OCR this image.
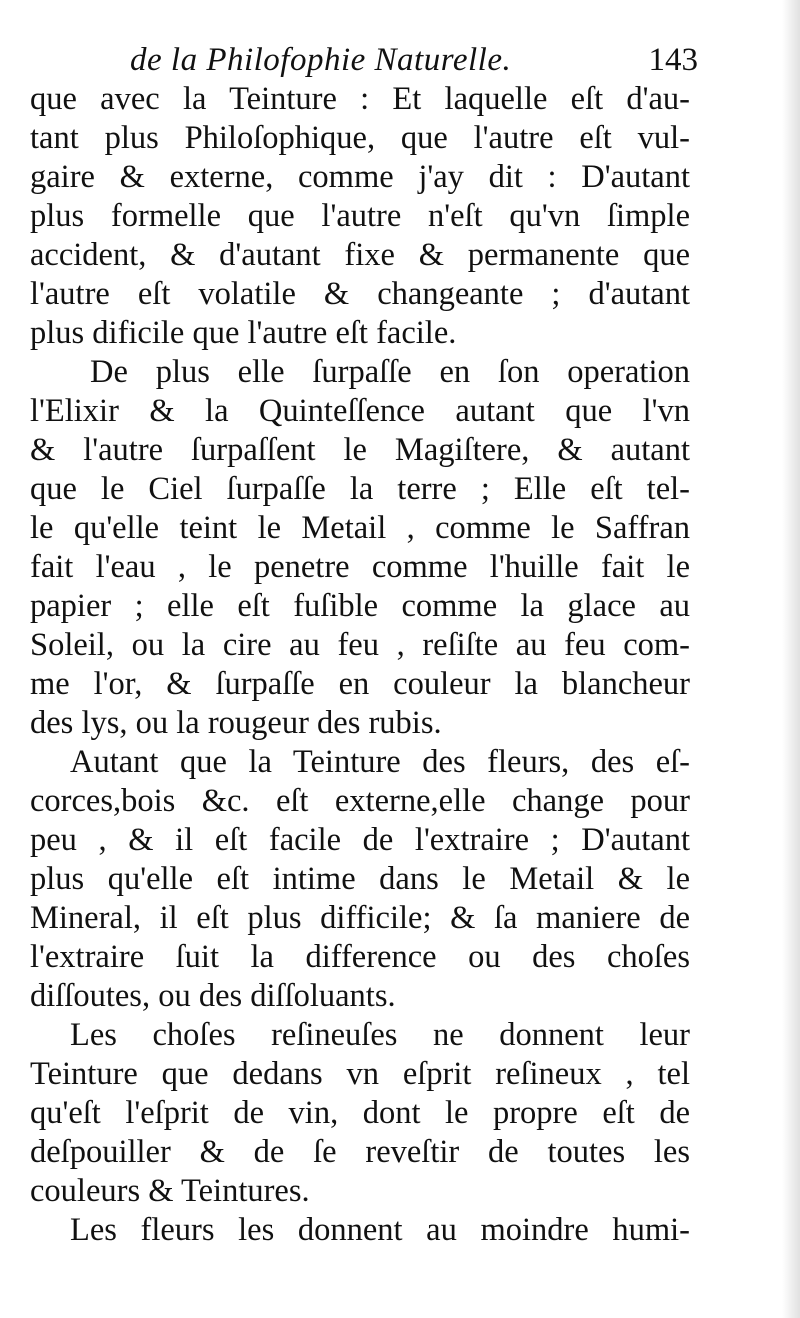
de la Philofophie Naturelle.	143
que avec la Teinture : Et laquelle eſt d'au-
tant plus Philoſophique, que l'autre eſt vul-
gaire & externe, comme j'ay dit : D'autant
plus formelle que l'autre n'eſt qu'vn ſimple
accident, & d'autant fixe & permanente que
l'autre eſt volatile & changeante ; d'autant
plus dificile que l'autre eſt facile.
De plus elle ſurpaſſe en ſon operation
l'Elixir & la Quinteſſence autant que l'vn
& l'autre ſurpaſſent le Magiſtere, & autant
que le Ciel ſurpaſſe la terre ; Elle eſt tel-
le qu'elle teint le Metail , comme le Saffran
fait l'eau , le penetre comme l'huille fait le
papier ; elle eſt fuſible comme la glace au
Soleil, ou la cire au feu , reſiſte au feu com-
me l'or, & ſurpaſſe en couleur la blancheur
des lys, ou la rougeur des rubis.
Autant que la Teinture des fleurs, des eſ-
corces,bois &c. eſt externe,elle change pour
peu , & il eſt facile de l'extraire ; D'autant
plus qu'elle eſt intime dans le Metail & le
Mineral, il eſt plus difficile; & ſa maniere de
l'extraire ſuit la difference ou des choſes
diſſoutes, ou des diſſoluants.
Les choſes reſineuſes ne donnent leur
Teinture que dedans vn eſprit reſineux , tel
qu'eſt l'eſprit de vin, dont le propre eſt de
deſpouiller & de ſe reveſtir de toutes les
couleurs & Teintures.
Les fleurs les donnent au moindre humi-
